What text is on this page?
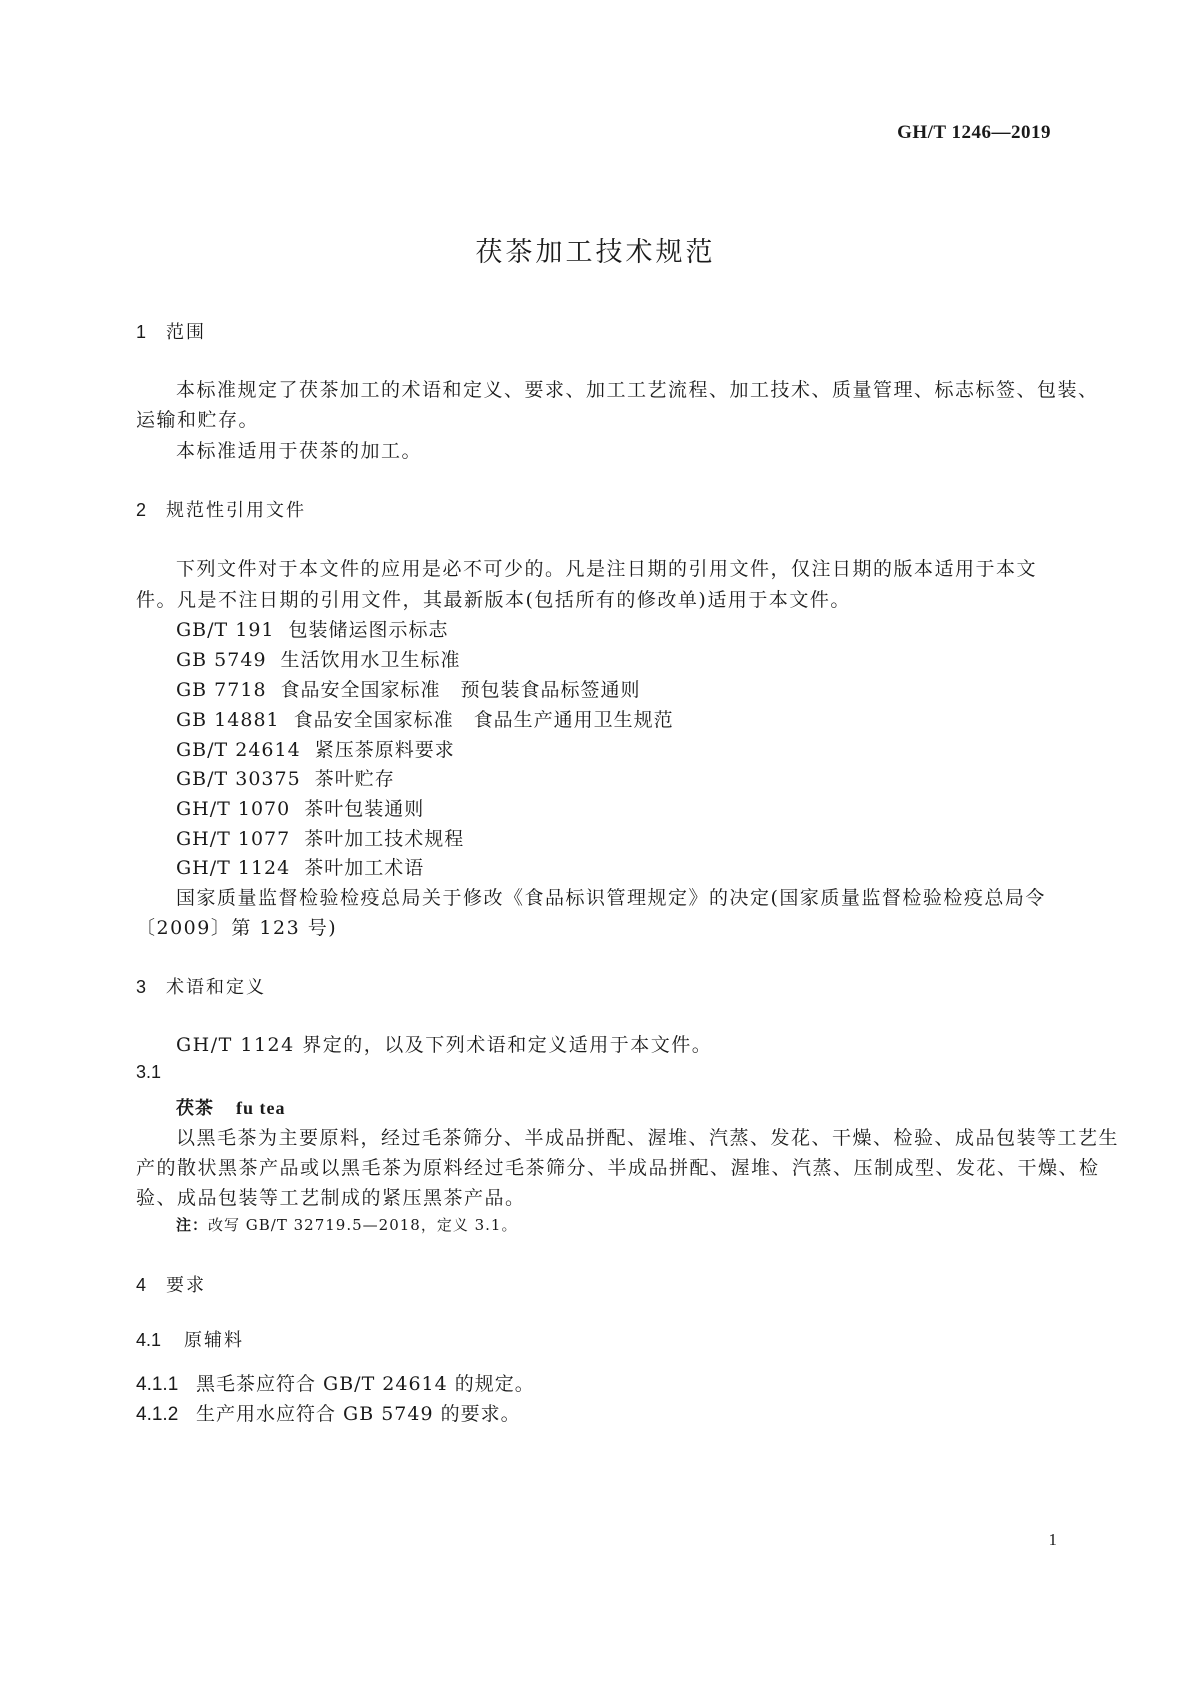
GH/T 1246—2019
茯茶加工技术规范
1 范围

本标准规定了茯茶加工的术语和定义、要求、加工工艺流程、加工技术、质量管理、标志标签、包装、

运输和贮存。

本标准适用于茯茶的加工。

2 规范性引用文件

下列文件对于本文件的应用是必不可少的。凡是注日期的引用文件，仅注日期的版本适用于本文

件。凡是不注日期的引用文件，其最新版本(包括所有的修改单)适用于本文件。

GB/T 191 包装储运图示标志
GB 5749 生活饮用水卫生标准
GB 7718 食品安全国家标准　预包装食品标签通则
GB 14881 食品安全国家标准　食品生产通用卫生规范
GB/T 24614 紧压茶原料要求
GB/T 30375 茶叶贮存
GH/T 1070 茶叶包装通则
GH/T 1077 茶叶加工技术规程
GH/T 1124 茶叶加工术语

国家质量监督检验检疫总局关于修改《食品标识管理规定》的决定(国家质量监督检验检疫总局令

〔2009〕第 123 号)

3 术语和定义

GH/T 1124 界定的，以及下列术语和定义适用于本文件。

3.1
茯茶 fu tea

以黑毛茶为主要原料，经过毛茶筛分、半成品拼配、渥堆、汽蒸、发花、干燥、检验、成品包装等工艺生

产的散状黑茶产品或以黑毛茶为原料经过毛茶筛分、半成品拼配、渥堆、汽蒸、压制成型、发花、干燥、检

验、成品包装等工艺制成的紧压黑茶产品。

注：改写 GB/T 32719.5—2018，定义 3.1。
4 要求
4.1 原辅料
4.1.1 黑毛茶应符合 GB/T 24614 的规定。
4.1.2 生产用水应符合 GB 5749 的要求。
1
